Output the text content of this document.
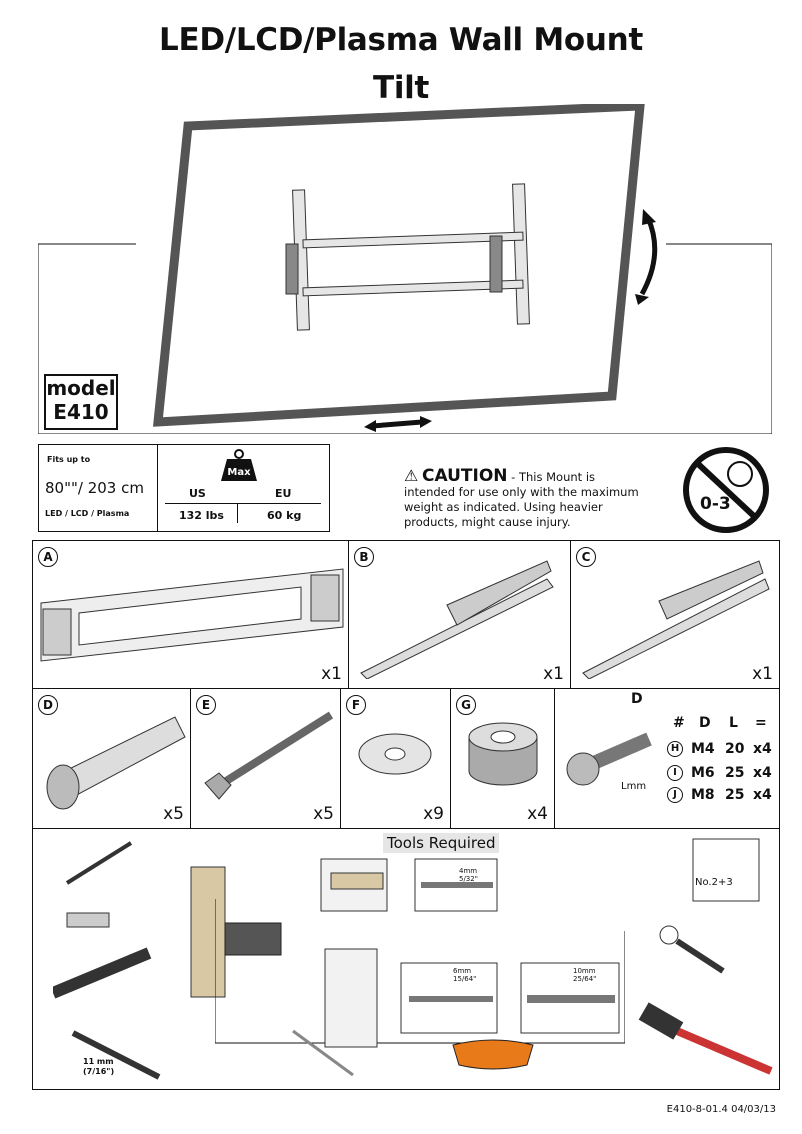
LED/LCD/Plasma Wall Mount
Tilt
model
E410
Fits up to
80""/ 203 cm
LED / LCD / Plasma
Max
US	EU
132 lbs	60 kg
⚠ CAUTION - This Mount is intended for use only with the maximum weight as indicated. Using heavier products, might cause injury.
0-3
A
x1
B
x1
C
x1
D
x5
E
x5
F
x9
G
x4
D
Lmm
# D L =
H M4 20 x4
I	M6 25 x4
J	M8 25 x4
Tools Required
11 mm
(7/16")
4mm
5/32"
6mm
15/64"
10mm
25/64"
No.2+3
E410-8-01.4 04/03/13
